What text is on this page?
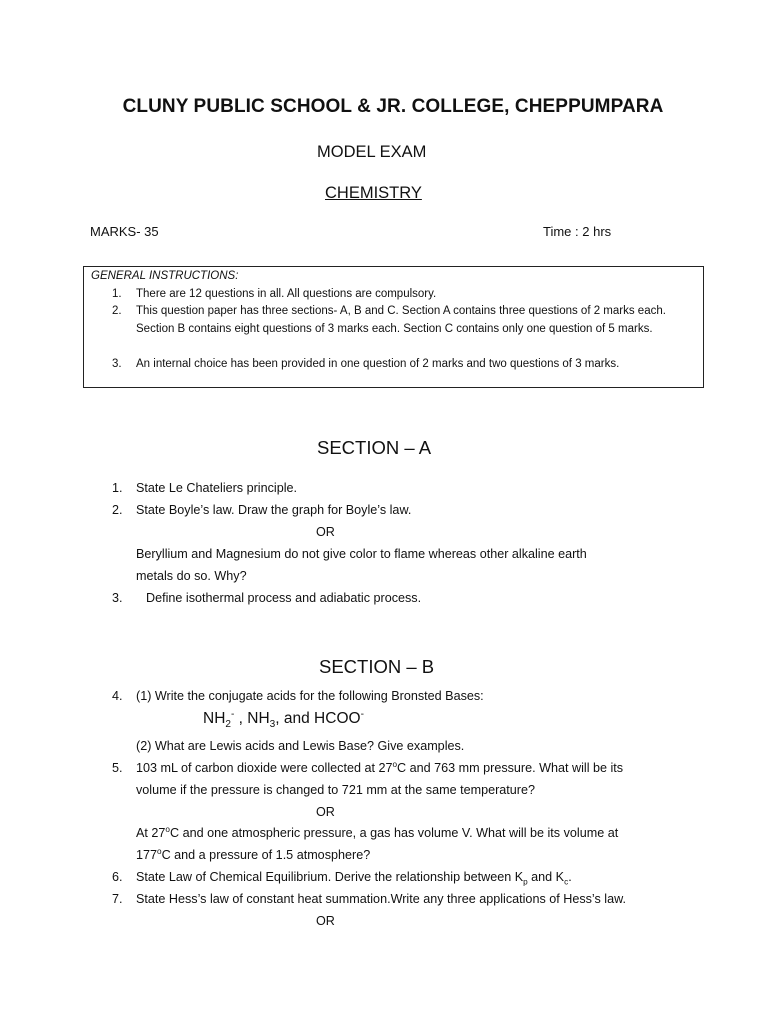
CLUNY PUBLIC SCHOOL & JR. COLLEGE, CHEPPUMPARA
MODEL EXAM
CHEMISTRY
MARKS- 35	Time : 2 hrs
GENERAL INSTRUCTIONS:
1. There are 12 questions in all. All questions are compulsory.
2. This question paper has three sections- A, B and C. Section A contains three questions of 2 marks each. Section B contains eight questions of 3 marks each. Section C contains only one question of 5 marks.
3. An internal choice has been provided in one question of 2 marks and two questions of 3 marks.
SECTION – A
1. State Le Chateliers principle.
2. State Boyle’s law. Draw the graph for Boyle’s law.
OR
Beryllium and Magnesium do not give color to flame whereas other alkaline earth
metals do so. Why?
3. Define isothermal process and adiabatic process.
SECTION – B
4. (1) Write the conjugate acids for the following Bronsted Bases:
$NH_2^-$ , $NH_3$, and HCOO-
(2) What are Lewis acids and Lewis Base? Give examples.
5. 103 mL of carbon dioxide were collected at 27$^o$C and 763 mm pressure. What will be its
volume if the pressure is changed to 721 mm at the same temperature?
OR
At 27$^o$C and one atmospheric pressure, a gas has volume V. What will be its volume at
177$^o$C and a pressure of 1.5 atmosphere?
6. State Law of Chemical Equilibrium. Derive the relationship between $K_p$ and $K_c$.
7. State Hess’s law of constant heat summation.Write any three applications of Hess’s law.
OR
